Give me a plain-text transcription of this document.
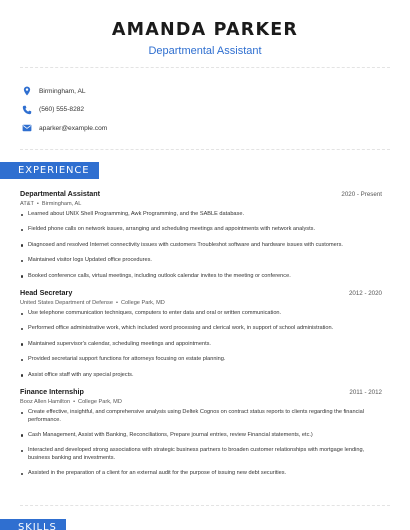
AMANDA PARKER
Departmental Assistant
Birmingham, AL
(560) 555-8282
aparker@example.com
EXPERIENCE
Departmental Assistant	2020 - Present
AT&T • Birmingham, AL
Learned about UNIX Shell Programming, Awk Programming, and the SABLE database.
Fielded phone calls on network issues, arranging and scheduling meetings and appointments with network analysts.
Diagnosed and resolved Internet connectivity issues with customers Troubleshot software and hardware issues with customers.
Maintained visitor logs Updated office procedures.
Booked conference calls, virtual meetings, including outlook calendar invites to the meeting or conference.
Head Secretary	2012 - 2020
United States Department of Defense • College Park, MD
Use telephone communication techniques, computers to enter data and oral or written communication.
Performed office administrative work, which included word processing and clerical work, in support of school administration.
Maintained supervisor's calendar, scheduling meetings and appointments.
Provided secretarial support functions for attorneys focusing on estate planning.
Assist office staff with any special projects.
Finance Internship	2011 - 2012
Booz Allen Hamilton • College Park, MD
Create effective, insightful, and comprehensive analysis using Deltek Cognos on contract status reports to clients regarding the financial performance.
Cash Management, Assist with Banking, Reconciliations, Prepare journal entries, review Financial statements, etc.)
Interacted and developed strong associations with strategic business partners to broaden customer relationships with mortgage lending, business banking and investments.
Assisted in the preparation of a client for an external audit for the purpose of issuing new debt securities.
SKILLS
